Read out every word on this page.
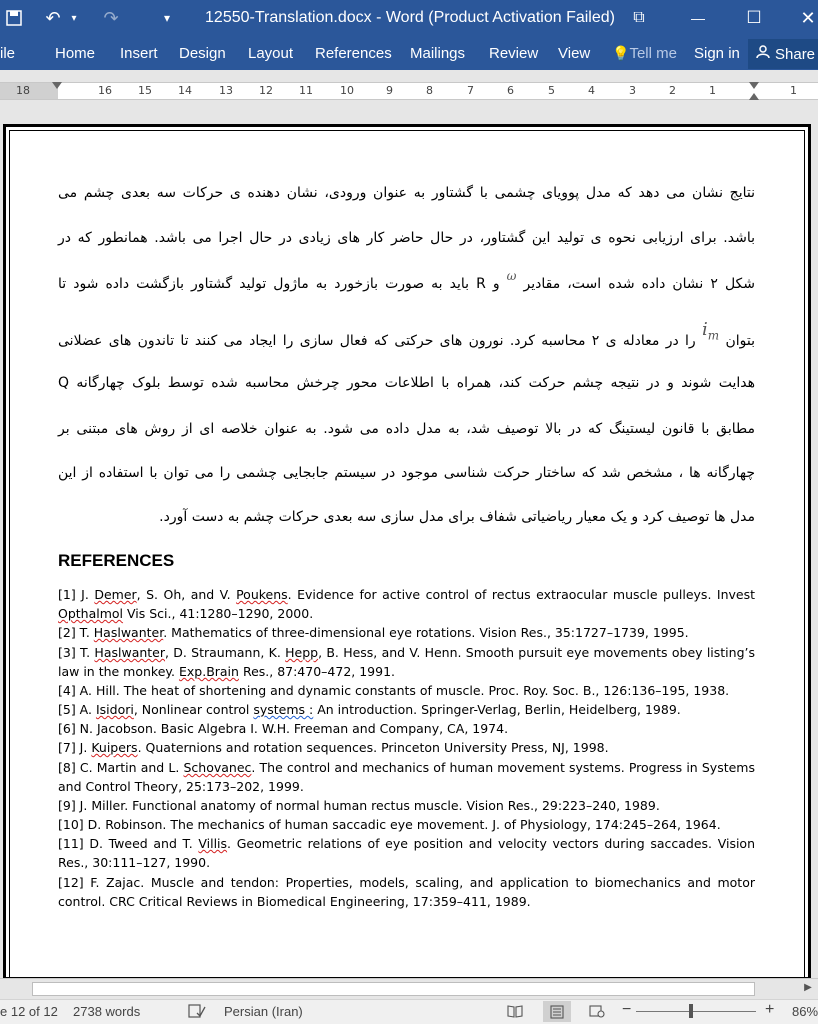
↶	▾	↷	▾	12550-Translation.docx - Word (Product Activation Failed)	⧉	— ☐ ✕
ile	Home Insert Design Layout References Mailings Review View 💡Tell me Sign in Share
18	16 15 14 13 12 11 10	9	8	7	6	5	4	3	2	1	1
نتایج نشان می دهد که مدل پوویای چشمی با گشتاور به عنوان ورودی، نشان دهنده ی حرکات سه بعدی چشم می
باشد. برای ارزیابی نحوه ی تولید این گشتاور، در حال حاضر کار های زیادی در حال اجرا می باشد. همانطور که در
شکل ۲ نشان داده شده است، مقادیر ω و R باید به صورت بازخورد به ماژول تولید گشتاور بازگشت داده شود تا
بتوان $i_m$ را در معادله ی ۲ محاسبه کرد. نورون های حرکتی که فعال سازی را ایجاد می کنند تا تاندون های عضلانی
هدایت شوند و در نتیجه چشم حرکت کند، همراه با اطلاعات محور چرخش محاسبه شده توسط بلوک چهارگانه Q
مطابق با قانون لیستینگ که در بالا توصیف شد، به مدل داده می شود. به عنوان خلاصه ای از روش های مبتنی بر
چهارگانه ها ، مشخص شد که ساختار حرکت شناسی موجود در سیستم جابجایی چشمی را می توان با استفاده از این
مدل ها توصیف کرد و یک معیار ریاضیاتی شفاف برای مدل سازی سه بعدی حرکات چشم به دست آورد.
REFERENCES
[1] J. Demer, S. Oh, and V. Poukens. Evidence for active control of rectus extraocular muscle pulleys. Invest Opthalmol Vis Sci., 41:1280–1290, 2000.
[2] T. Haslwanter. Mathematics of three-dimensional eye rotations. Vision Res., 35:1727–1739, 1995.
[3] T. Haslwanter, D. Straumann, K. Hepp, B. Hess, and V. Henn. Smooth pursuit eye movements obey listing’s law in the monkey. Exp.Brain Res., 87:470–472, 1991.
[4] A. Hill. The heat of shortening and dynamic constants of muscle. Proc. Roy. Soc. B., 126:136–195, 1938.
[5] A. Isidori, Nonlinear control systems : An introduction. Springer-Verlag, Berlin, Heidelberg, 1989.
[6] N. Jacobson. Basic Algebra I. W.H. Freeman and Company, CA, 1974.
[7] J. Kuipers. Quaternions and rotation sequences. Princeton University Press, NJ, 1998.
[8] C. Martin and L. Schovanec. The control and mechanics of human movement systems. Progress in Systems and Control Theory, 25:173–202, 1999.
[9] J. Miller. Functional anatomy of normal human rectus muscle. Vision Res., 29:223–240, 1989.
[10] D. Robinson. The mechanics of human saccadic eye movement. J. of Physiology, 174:245–264, 1964.
[11] D. Tweed and T. Villis. Geometric relations of eye position and velocity vectors during saccades. Vision Res., 30:111–127, 1990.
[12] F. Zajac. Muscle and tendon: Properties, models, scaling, and application to biomechanics and motor control. CRC Critical Reviews in Biomedical Engineering, 17:359–411, 1989.
▶
e 12 of 12 2738 words	Persian (Iran)	−	+ 86%
